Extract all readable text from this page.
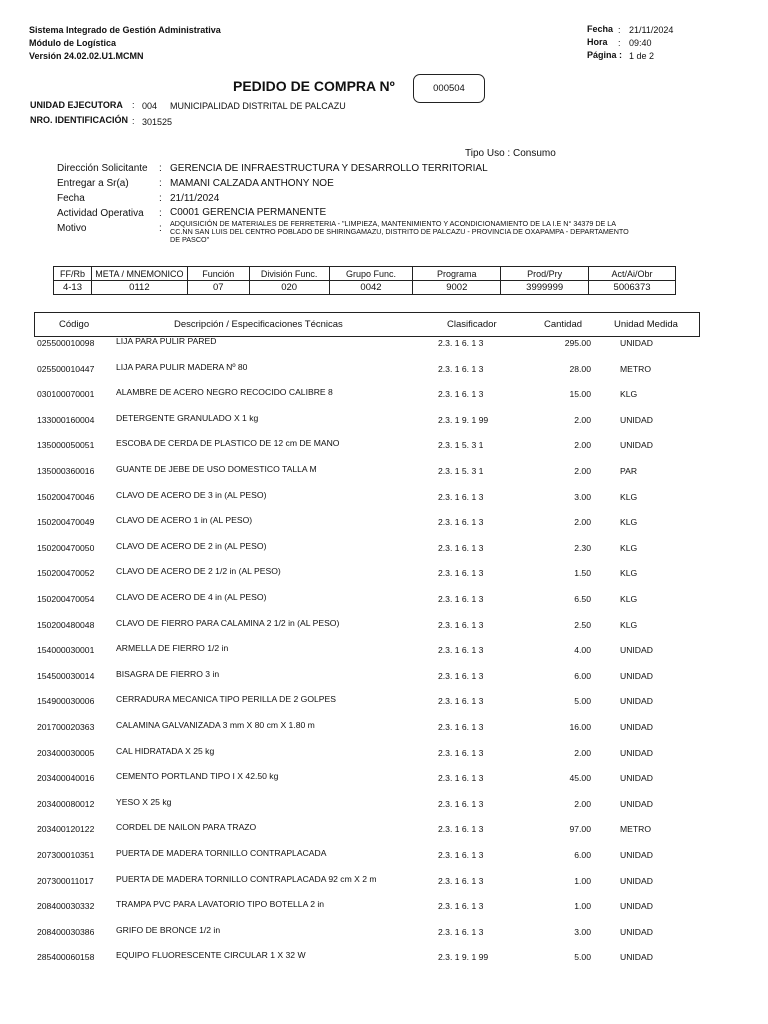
Sistema Integrado de Gestión Administrativa
Módulo de Logística
Versión 24.02.02.U1.MCMN
Fecha : 21/11/2024
Hora : 09:40
Página : 1 de 2
PEDIDO DE COMPRA Nº	000504
UNIDAD EJECUTORA : 004 MUNICIPALIDAD DISTRITAL DE PALCAZU
NRO. IDENTIFICACIÓN : 301525
Tipo Uso : Consumo
Dirección Solicitante : GERENCIA DE INFRAESTRUCTURA Y DESARROLLO TERRITORIAL
Entregar a Sr(a)	: MAMANI CALZADA ANTHONY NOE
Fecha	: 21/11/2024
Actividad Operativa : C0001 GERENCIA PERMANENTE
Motivo	: ADQUISICIÓN DE MATERIALES DE FERRETERIA - "LIMPIEZA, MANTENIMIENTO Y ACONDICIONAMIENTO DE LA I.E N° 34379 DE LA
CC.NN SAN LUIS DEL CENTRO POBLADO DE SHIRINGAMAZU, DISTRITO DE PALCAZU - PROVINCIA DE OXAPAMPA - DEPARTAMENTO
DE PASCO"
FF/Rb	META / MNEMONICO	Función	División Func.	Grupo Func.	Programa	Prod/Pry	Act/Ai/Obr
4-13	0112	07	020	0042	9002	3999999	5006373
Código	Descripción / Especificaciones Técnicas	Clasificador	Cantidad	Unidad Medida
025500010098	LIJA PARA PULIR PARED	2.3. 1 6. 1 3	295.00	UNIDAD
025500010447	LIJA PARA PULIR MADERA Nº 80	2.3. 1 6. 1 3	28.00	METRO
030100070001	ALAMBRE DE ACERO NEGRO RECOCIDO CALIBRE 8	2.3. 1 6. 1 3	15.00	KLG
133000160004	DETERGENTE GRANULADO X 1 kg	2.3. 1 9. 1 99	2.00	UNIDAD
135000050051	ESCOBA DE CERDA DE PLASTICO DE 12 cm DE MANO	2.3. 1 5. 3 1	2.00	UNIDAD
135000360016	GUANTE DE JEBE DE USO DOMESTICO TALLA M	2.3. 1 5. 3 1	2.00	PAR
150200470046	CLAVO DE ACERO DE 3 in (AL PESO)	2.3. 1 6. 1 3	3.00	KLG
150200470049	CLAVO DE ACERO 1 in (AL PESO)	2.3. 1 6. 1 3	2.00	KLG
150200470050	CLAVO DE ACERO DE 2 in (AL PESO)	2.3. 1 6. 1 3	2.30	KLG
150200470052	CLAVO DE ACERO DE 2 1/2 in (AL PESO)	2.3. 1 6. 1 3	1.50	KLG
150200470054	CLAVO DE ACERO DE 4 in (AL PESO)	2.3. 1 6. 1 3	6.50	KLG
150200480048	CLAVO DE FIERRO PARA CALAMINA 2 1/2 in (AL PESO)	2.3. 1 6. 1 3	2.50	KLG
154000030001	ARMELLA DE FIERRO 1/2 in	2.3. 1 6. 1 3	4.00	UNIDAD
154500030014	BISAGRA DE FIERRO 3 in	2.3. 1 6. 1 3	6.00	UNIDAD
154900030006	CERRADURA MECANICA TIPO PERILLA DE 2 GOLPES	2.3. 1 6. 1 3	5.00	UNIDAD
201700020363	CALAMINA GALVANIZADA 3 mm X 80 cm X 1.80 m	2.3. 1 6. 1 3	16.00	UNIDAD
203400030005	CAL HIDRATADA X 25 kg	2.3. 1 6. 1 3	2.00	UNIDAD
203400040016	CEMENTO PORTLAND TIPO I X 42.50 kg	2.3. 1 6. 1 3	45.00	UNIDAD
203400080012	YESO X 25 kg	2.3. 1 6. 1 3	2.00	UNIDAD
203400120122	CORDEL DE NAILON PARA TRAZO	2.3. 1 6. 1 3	97.00	METRO
207300010351	PUERTA DE MADERA TORNILLO CONTRAPLACADA	2.3. 1 6. 1 3	6.00	UNIDAD
207300011017	PUERTA DE MADERA TORNILLO CONTRAPLACADA 92 cm X 2 m	2.3. 1 6. 1 3	1.00	UNIDAD
208400030332	TRAMPA PVC PARA LAVATORIO TIPO BOTELLA 2 in	2.3. 1 6. 1 3	1.00	UNIDAD
208400030386	GRIFO DE BRONCE 1/2 in	2.3. 1 6. 1 3	3.00	UNIDAD
285400060158	EQUIPO FLUORESCENTE CIRCULAR 1 X 32 W	2.3. 1 9. 1 99	5.00	UNIDAD
